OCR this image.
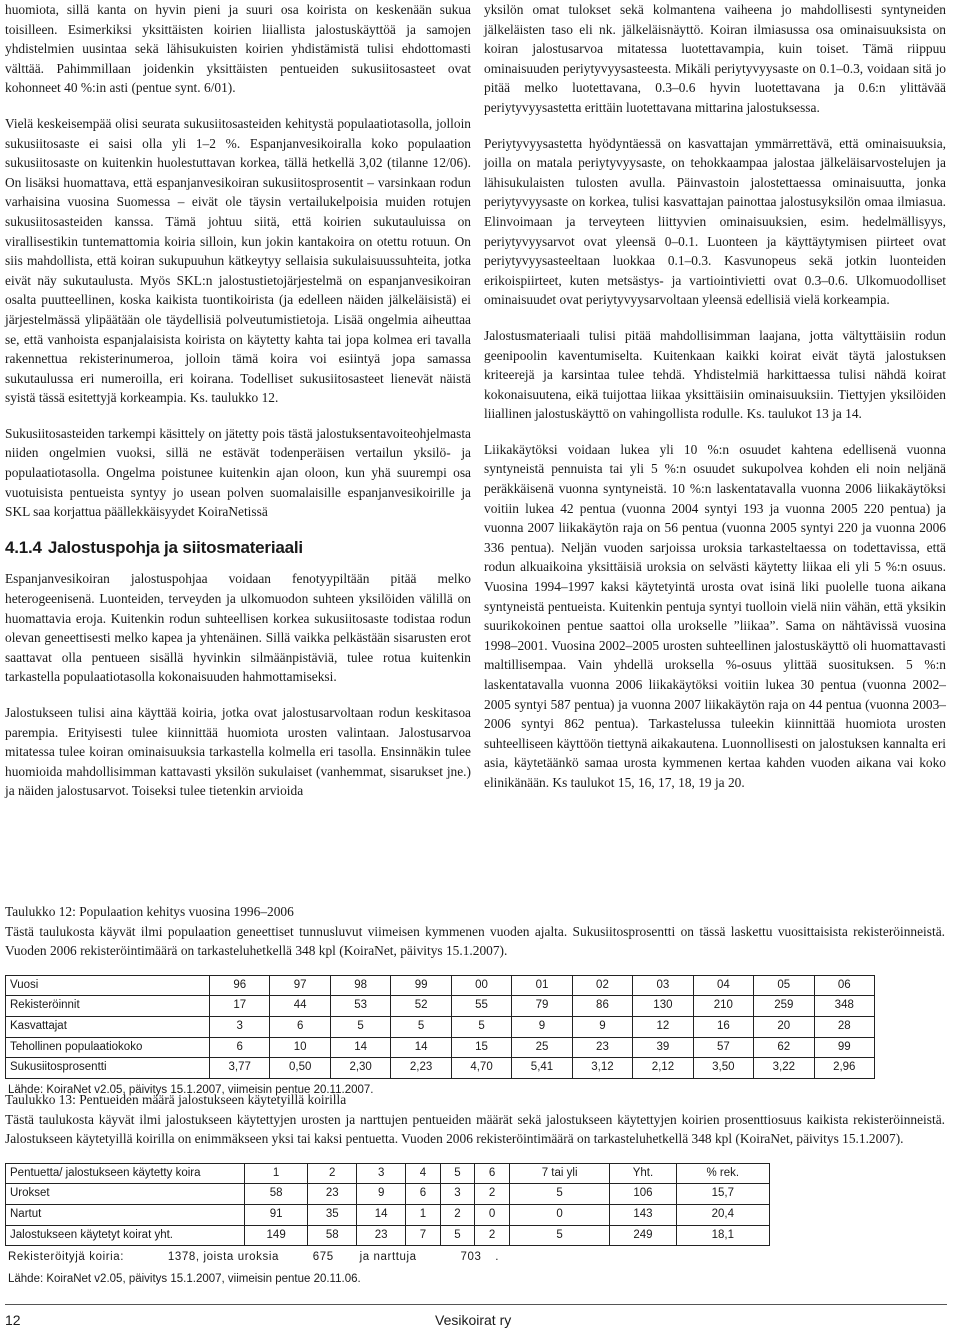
huomiota, sillä kanta on hyvin pieni ja suuri osa koirista on keskenään sukua toisilleen. Esimerkiksi yksittäisten koirien liiallista jalostuskäyttöä ja samojen yhdistelmien uusintaa sekä lähisukuisten koirien yhdistämistä tulisi ehdottomasti välttää. Pahimmillaan joidenkin yksittäisten pentueiden sukusiitosasteet ovat kohonneet 40 %:in asti (pentue synt. 6/01).

Vielä keskeisempää olisi seurata sukusiitosasteiden kehitystä populaatiotasolla, jolloin sukusiitosaste ei saisi olla yli 1–2 %. Espanjanvesikoiralla koko populaation sukusiitosaste on kuitenkin huolestuttavan korkea, tällä hetkellä 3,02 (tilanne 12/06). On lisäksi huomattava, että espanjanvesikoiran sukusiitosprosentit – varsinkaan rodun varhaisina vuosina Suomessa – eivät ole täysin vertailukelpoisia muiden rotujen sukusiitosasteiden kanssa. Tämä johtuu siitä, että koirien sukutauluissa on virallisestikin tuntemattomia koiria silloin, kun jokin kantakoira on otettu rotuun. On siis mahdollista, että koiran sukupuuhun kätkeytyy sellaisia sukulaisuussuhteita, jotka eivät näy sukutaulusta. Myös SKL:n jalostustietojärjestelmä on espanjanvesikoiran osalta puutteellinen, koska kaikista tuontikoirista (ja edelleen näiden jälkeläisistä) ei järjestelmässä ylipäätään ole täydellisiä polveutumistietoja. Lisää ongelmia aiheuttaa se, että vanhoista espanjalaisista koirista on käytetty kahta tai jopa kolmea eri tavalla rakennettua rekisterinumeroa, jolloin tämä koira voi esiintyä jopa samassa sukutaulussa eri numeroilla, eri koirana. Todelliset sukusiitosasteet lienevät näistä syistä tässä esitettyjä korkeampia. Ks. taulukko 12.

Sukusiitosasteiden tarkempi käsittely on jätetty pois tästä jalostuksentavoiteohjelmasta niiden ongelmien vuoksi, sillä ne estävät todenperäisen vertailun yksilö- ja populaatiotasolla. Ongelma poistunee kuitenkin ajan oloon, kun yhä suurempi osa vuotuisista pentueista syntyy jo usean polven suomalaisille espanjanvesikoirille ja SKL saa korjattua päällekkäisyydet KoiraNetissä

4.1.4 Jalostuspohja ja siitosmateriaali

Espanjanvesikoiran jalostuspohjaa voidaan fenotyypiltään pitää melko heterogeenisenä. Luonteiden, terveyden ja ulkomuodon suhteen yksilöiden välillä on huomattavia eroja. Kuitenkin rodun suhteellisen korkea sukusiitosaste todistaa rodun olevan geneettisesti melko kapea ja yhtenäinen. Sillä vaikka pelkästään sisarusten erot saattavat olla pentueen sisällä hyvinkin silmäänpistäviä, tulee rotua kuitenkin tarkastella populaatiotasolla kokonaisuuden hahmottamiseksi.

Jalostukseen tulisi aina käyttää koiria, jotka ovat jalostusarvoltaan rodun keskitasoa parempia. Erityisesti tulee kiinnittää huomiota urosten valintaan. Jalostusarvoa mitatessa tulee koiran ominaisuuksia tarkastella kolmella eri tasolla. Ensinnäkin tulee huomioida mahdollisimman kattavasti yksilön sukulaiset (vanhemmat, sisarukset jne.) ja näiden jalostusarvot. Toiseksi tulee tietenkin arvioida

yksilön omat tulokset sekä kolmantena vaiheena jo mahdollisesti syntyneiden jälkeläisten taso eli nk. jälkeläisnäyttö. Koiran ilmiasussa osa ominaisuuksista on koiran jalostusarvoa mitatessa luotettavampia, kuin toiset. Tämä riippuu ominaisuuden periytyvyysasteesta. Mikäli periytyvyysaste on 0.1–0.3, voidaan sitä jo pitää melko luotettavana, 0.3–0.6 hyvin luotettavana ja 0.6:n ylittävää periytyvyysastetta erittäin luotettavana mittarina jalostuksessa.

Periytyvyysastetta hyödyntäessä on kasvattajan ymmärrettävä, että ominaisuuksia, joilla on matala periytyvyysaste, on tehokkaampaa jalostaa jälkeläisarvostelujen ja lähisukulaisten tulosten avulla. Päinvastoin jalostettaessa ominaisuutta, jonka periytyvyysaste on korkea, tulisi kasvattajan painottaa jalostusyksilön omaa ilmiasua. Elinvoimaan ja terveyteen liittyvien ominaisuuksien, esim. hedelmällisyys, periytyvyysarvot ovat yleensä 0–0.1. Luonteen ja käyttäytymisen piirteet ovat periytyvyysasteeltaan luokkaa 0.1–0.3. Kasvunopeus sekä jotkin luonteiden erikoispiirteet, kuten metsästys- ja vartiointivietti ovat 0.3–0.6. Ulkomuodolliset ominaisuudet ovat periytyvyysarvoltaan yleensä edellisiä vielä korkeampia.

Jalostusmateriaali tulisi pitää mahdollisimman laajana, jotta vältyttäisiin rodun geenipoolin kaventumiselta. Kuitenkaan kaikki koirat eivät täytä jalostuksen kriteerejä ja karsintaa tulee tehdä. Yhdistelmiä harkittaessa tulisi nähdä koirat kokonaisuutena, eikä tuijottaa liikaa yksittäisiin ominaisuuksiin. Tiettyjen yksilöiden liiallinen jalostuskäyttö on vahingollista rodulle. Ks. taulukot 13 ja 14.

Liikakäytöksi voidaan lukea yli 10 %:n osuudet kahtena edellisenä vuonna syntyneistä pennuista tai yli 5 %:n osuudet sukupolvea kohden eli noin neljänä peräkkäisenä vuonna syntyneistä. 10 %:n laskentatavalla vuonna 2006 liikakäytöksi voitiin lukea 42 pentua (vuonna 2004 syntyi 193 ja vuonna 2005 220 pentua) ja vuonna 2007 liikakäytön raja on 56 pentua (vuonna 2005 syntyi 220 ja vuonna 2006 336 pentua). Neljän vuoden sarjoissa uroksia tarkasteltaessa on todettavissa, että rodun alkuaikoina yksittäisiä uroksia on selvästi käytetty liikaa eli yli 5 %:n osuus. Vuosina 1994–1997 kaksi käytetyintä urosta ovat isinä liki puolelle tuona aikana syntyneistä pentueista. Kuitenkin pentuja syntyi tuolloin vielä niin vähän, että yksikin suurikokoinen pentue saattoi olla urokselle ”liikaa”. Sama on nähtävissä vuosina 1998–2001. Vuosina 2002–2005 urosten suhteellinen jalostuskäyttö oli huomattavasti maltillisempaa. Vain yhdellä uroksella %-osuus ylittää suosituksen. 5 %:n laskentatavalla vuonna 2006 liikakäytöksi voitiin lukea 30 pentua (vuonna 2002–2005 syntyi 587 pentua) ja vuonna 2007 liikakäytön raja on 44 pentua (vuonna 2003–2006 syntyi 862 pentua). Tarkastelussa tuleekin kiinnittää huomiota urosten suhteelliseen käyttöön tiettynä aikakautena. Luonnollisesti on jalostuksen kannalta eri asia, käytetäänkö samaa urosta kymmenen kertaa kahden vuoden aikana vai koko elinikänään. Ks taulukot 15, 16, 17, 18, 19 ja 20.

Taulukko 12: Populaation kehitys vuosina 1996–2006

Tästä taulukosta käyvät ilmi populaation geneettiset tunnusluvut viimeisen kymmenen vuoden ajalta. Sukusiitosprosentti on tässä laskettu vuosittaisista rekisteröinneistä. Vuoden 2006 rekisteröintimäärä on tarkasteluhetkellä 348 kpl (KoiraNet, päivitys 15.1.2007).

Vuosi	96	97	98	99	00	01	02	03	04	05	06
Rekisteröinnit	17	44	53	52	55	79	86	130	210	259	348
Kasvattajat	3	6	5	5	5	9	9	12	16	20	28
Tehollinen populaatiokoko	6	10	14	14	15	25	23	39	57	62	99
Sukusiitosprosentti	3,77	0,50	2,30	2,23	4,70	5,41	3,12	2,12	3,50	3,22	2,96
Lähde: KoiraNet v2.05, päivitys 15.1.2007, viimeisin pentue 20.11.2007.

Taulukko 13: Pentueiden määrä jalostukseen käytetyillä koirilla

Tästä taulukosta käyvät ilmi jalostukseen käytettyjen urosten ja narttujen pentueiden määrät sekä jalostukseen käytettyjen koirien prosenttiosuus kaikista rekisteröinneistä. Jalostukseen käytetyillä koirilla on enimmäkseen yksi tai kaksi pentuetta. Vuoden 2006 rekisteröintimäärä on tarkasteluhetkellä 348 kpl (KoiraNet, päivitys 15.1.2007).

Pentuetta/ jalostukseen käytetty koira	1	2	3	4	5	6	7 tai yli	Yht.	% rek.
Urokset	58	23	9	6	3	2	5	106	15,7
Nartut	91	35	14	1	2	0	0	143	20,4
Jalostukseen käytetyt koirat yht.	149	58	23	7	5	2	5	249	18,1
Rekisteröityjä koiria:	1378, joista uroksia	675 ja narttuja	703 .
Lähde: KoiraNet v2.05, päivitys 15.1.2007, viimeisin pentue 20.11.06.
12	Vesikoirat ry
